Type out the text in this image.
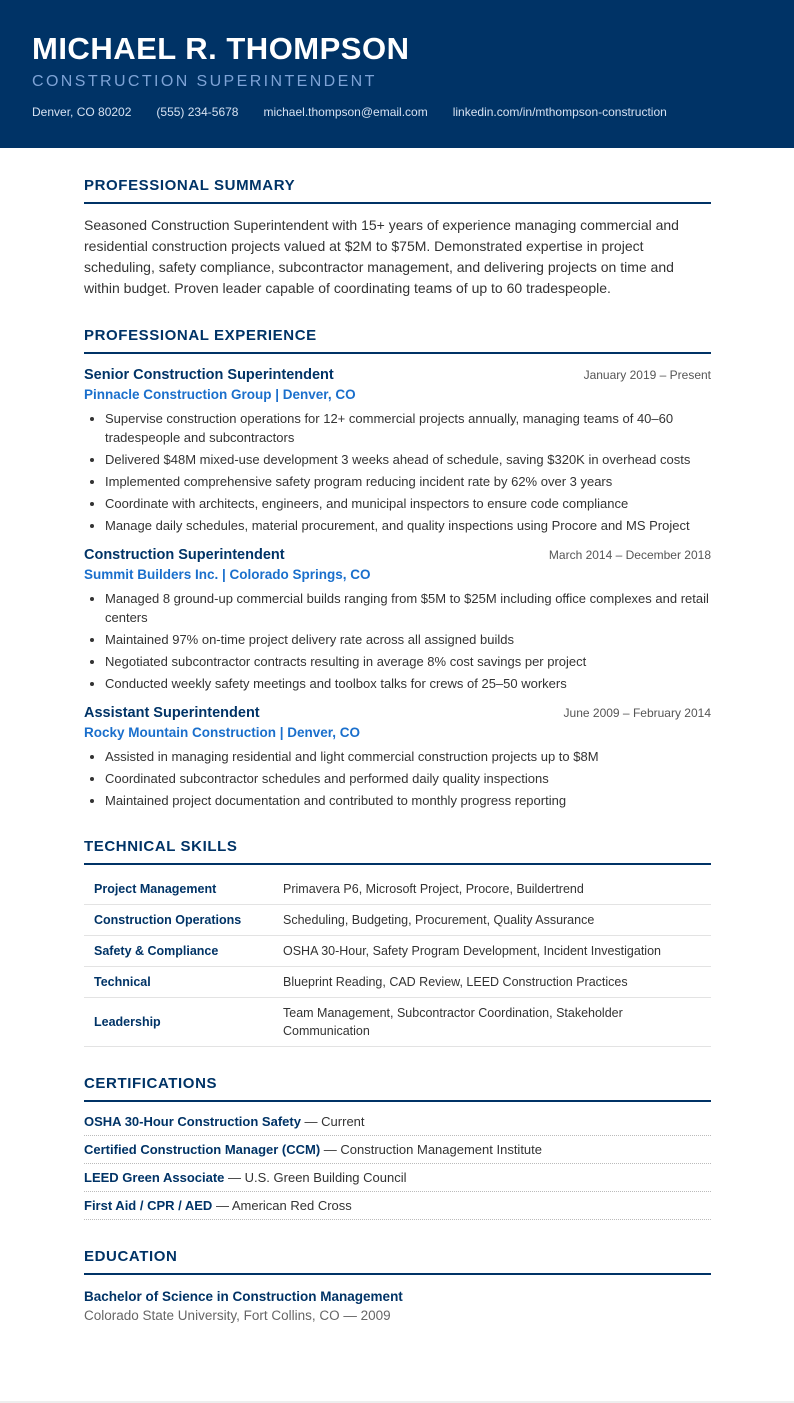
MICHAEL R. THOMPSON
CONSTRUCTION SUPERINTENDENT
Denver, CO 80202 (555) 234-5678 michael.thompson@email.com linkedin.com/in/mthompson-construction
PROFESSIONAL SUMMARY

Seasoned Construction Superintendent with 15+ years of experience managing commercial and residential construction projects valued at $2M to $75M. Demonstrated expertise in project scheduling, safety compliance, subcontractor management, and delivering projects on time and within budget. Proven leader capable of coordinating teams of up to 60 tradespeople.

PROFESSIONAL EXPERIENCE
Senior Construction Superintendent	January 2019 – Present
Pinnacle Construction Group | Denver, CO
• Supervise construction operations for 12+ commercial projects annually, managing teams of 40–60 tradespeople and subcontractors
• Delivered $48M mixed-use development 3 weeks ahead of schedule, saving $320K in overhead costs
• Implemented comprehensive safety program reducing incident rate by 62% over 3 years
• Coordinate with architects, engineers, and municipal inspectors to ensure code compliance
• Manage daily schedules, material procurement, and quality inspections using Procore and MS Project
Construction Superintendent	March 2014 – December 2018
Summit Builders Inc. | Colorado Springs, CO
• Managed 8 ground-up commercial builds ranging from $5M to $25M including office complexes and retail centers
• Maintained 97% on-time project delivery rate across all assigned builds
• Negotiated subcontractor contracts resulting in average 8% cost savings per project
• Conducted weekly safety meetings and toolbox talks for crews of 25–50 workers
Assistant Superintendent	June 2009 – February 2014
Rocky Mountain Construction | Denver, CO
• Assisted in managing residential and light commercial construction projects up to $8M
• Coordinated subcontractor schedules and performed daily quality inspections
• Maintained project documentation and contributed to monthly progress reporting
TECHNICAL SKILLS
Project Management	Primavera P6, Microsoft Project, Procore, Buildertrend
Construction Operations	Scheduling, Budgeting, Procurement, Quality Assurance
Safety & Compliance	OSHA 30-Hour, Safety Program Development, Incident Investigation
Technical	Blueprint Reading, CAD Review, LEED Construction Practices
Leadership	Team Management, Subcontractor Coordination, Stakeholder Communication
CERTIFICATIONS
OSHA 30-Hour Construction Safety — Current
Certified Construction Manager (CCM) — Construction Management Institute
LEED Green Associate — U.S. Green Building Council
First Aid / CPR / AED — American Red Cross
EDUCATION
Bachelor of Science in Construction Management
Colorado State University, Fort Collins, CO — 2009
